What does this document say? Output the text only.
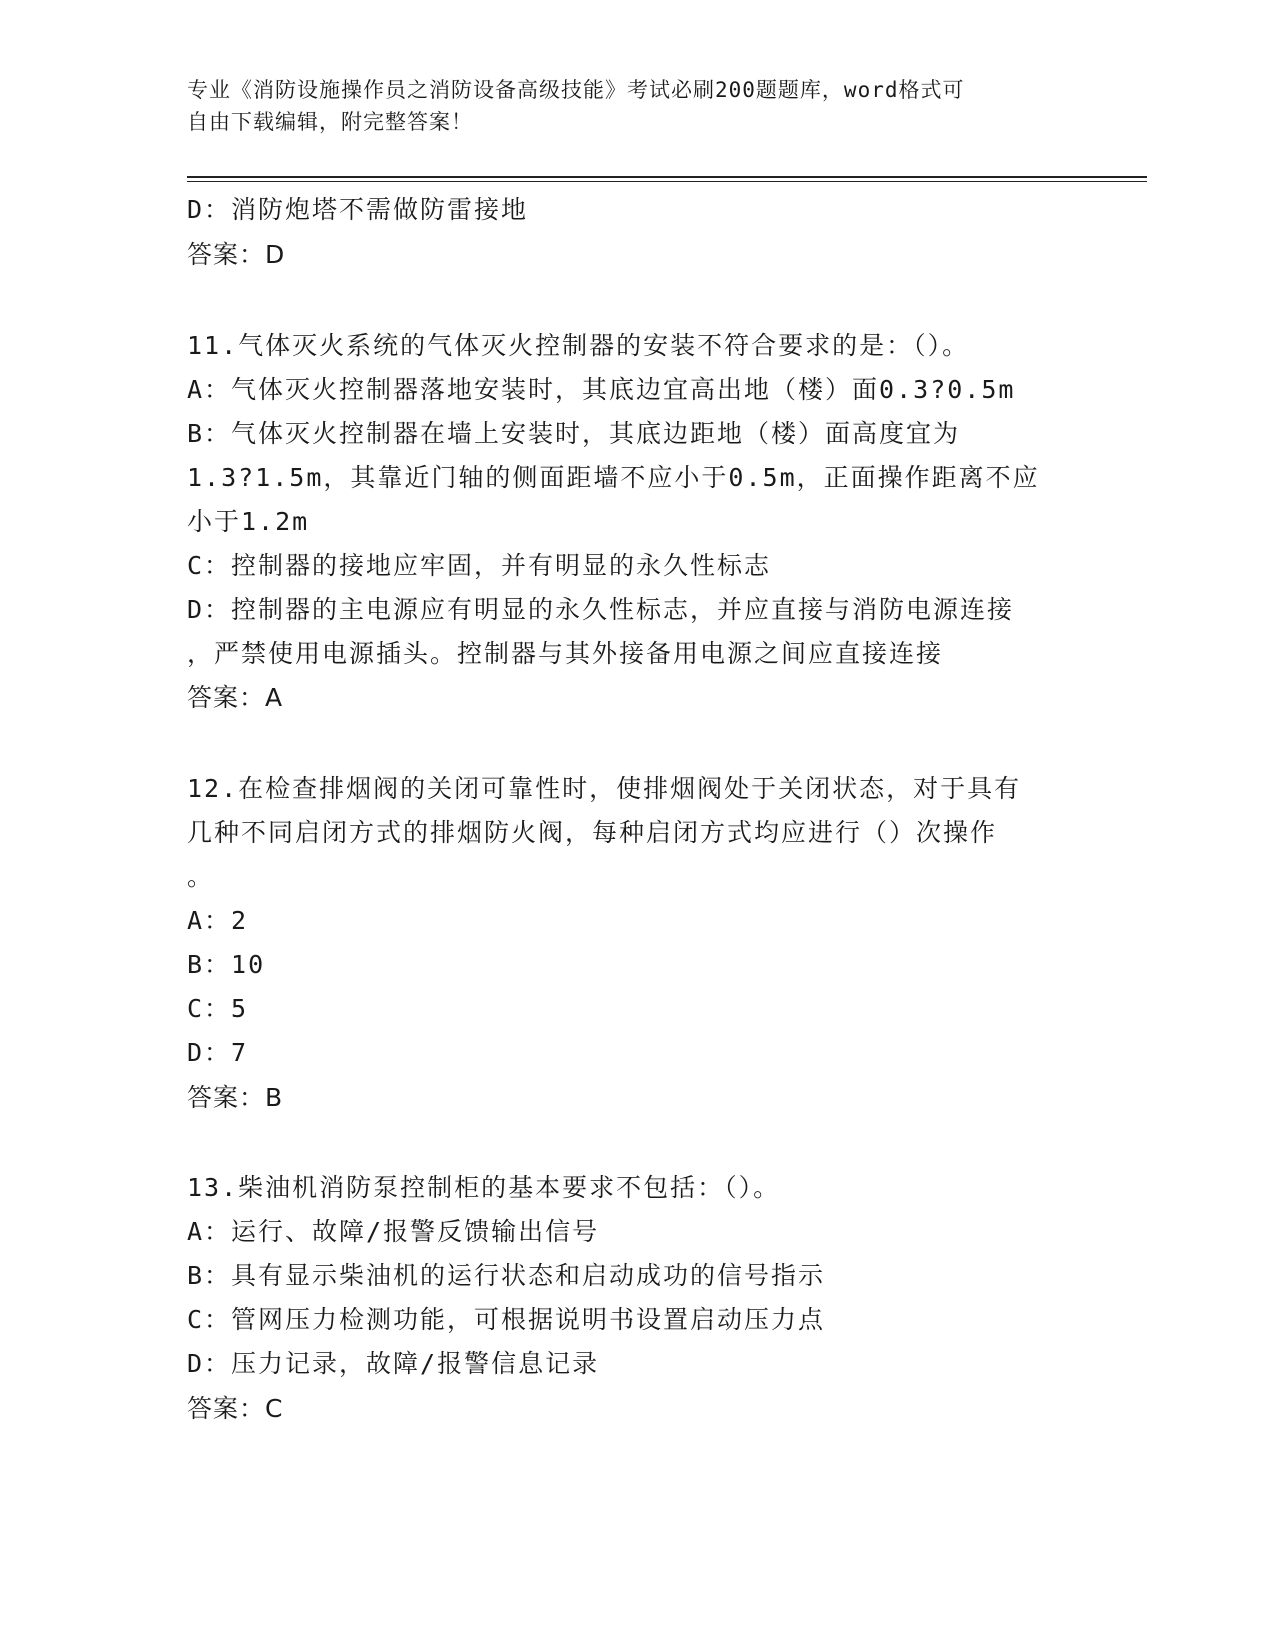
专业《消防设施操作员之消防设备高级技能》考试必刷200题题库，word格式可
自由下载编辑，附完整答案！
D：消防炮塔不需做防雷接地
答案：D
11.气体灭火系统的气体灭火控制器的安装不符合要求的是：（）。
A：气体灭火控制器落地安装时，其底边宜高出地（楼）面0.3?0.5m
B：气体灭火控制器在墙上安装时，其底边距地（楼）面高度宜为
1.3?1.5m，其靠近门轴的侧面距墙不应小于0.5m，正面操作距离不应
小于1.2m
C：控制器的接地应牢固，并有明显的永久性标志
D：控制器的主电源应有明显的永久性标志，并应直接与消防电源连接
，严禁使用电源插头。控制器与其外接备用电源之间应直接连接
答案：A
12.在检查排烟阀的关闭可靠性时，使排烟阀处于关闭状态，对于具有
几种不同启闭方式的排烟防火阀，每种启闭方式均应进行（）次操作
。
A：2
B：10
C：5
D：7
答案：B
13.柴油机消防泵控制柜的基本要求不包括：（）。
A：运行、故障/报警反馈输出信号
B：具有显示柴油机的运行状态和启动成功的信号指示
C：管网压力检测功能，可根据说明书设置启动压力点
D：压力记录，故障/报警信息记录
答案：C
